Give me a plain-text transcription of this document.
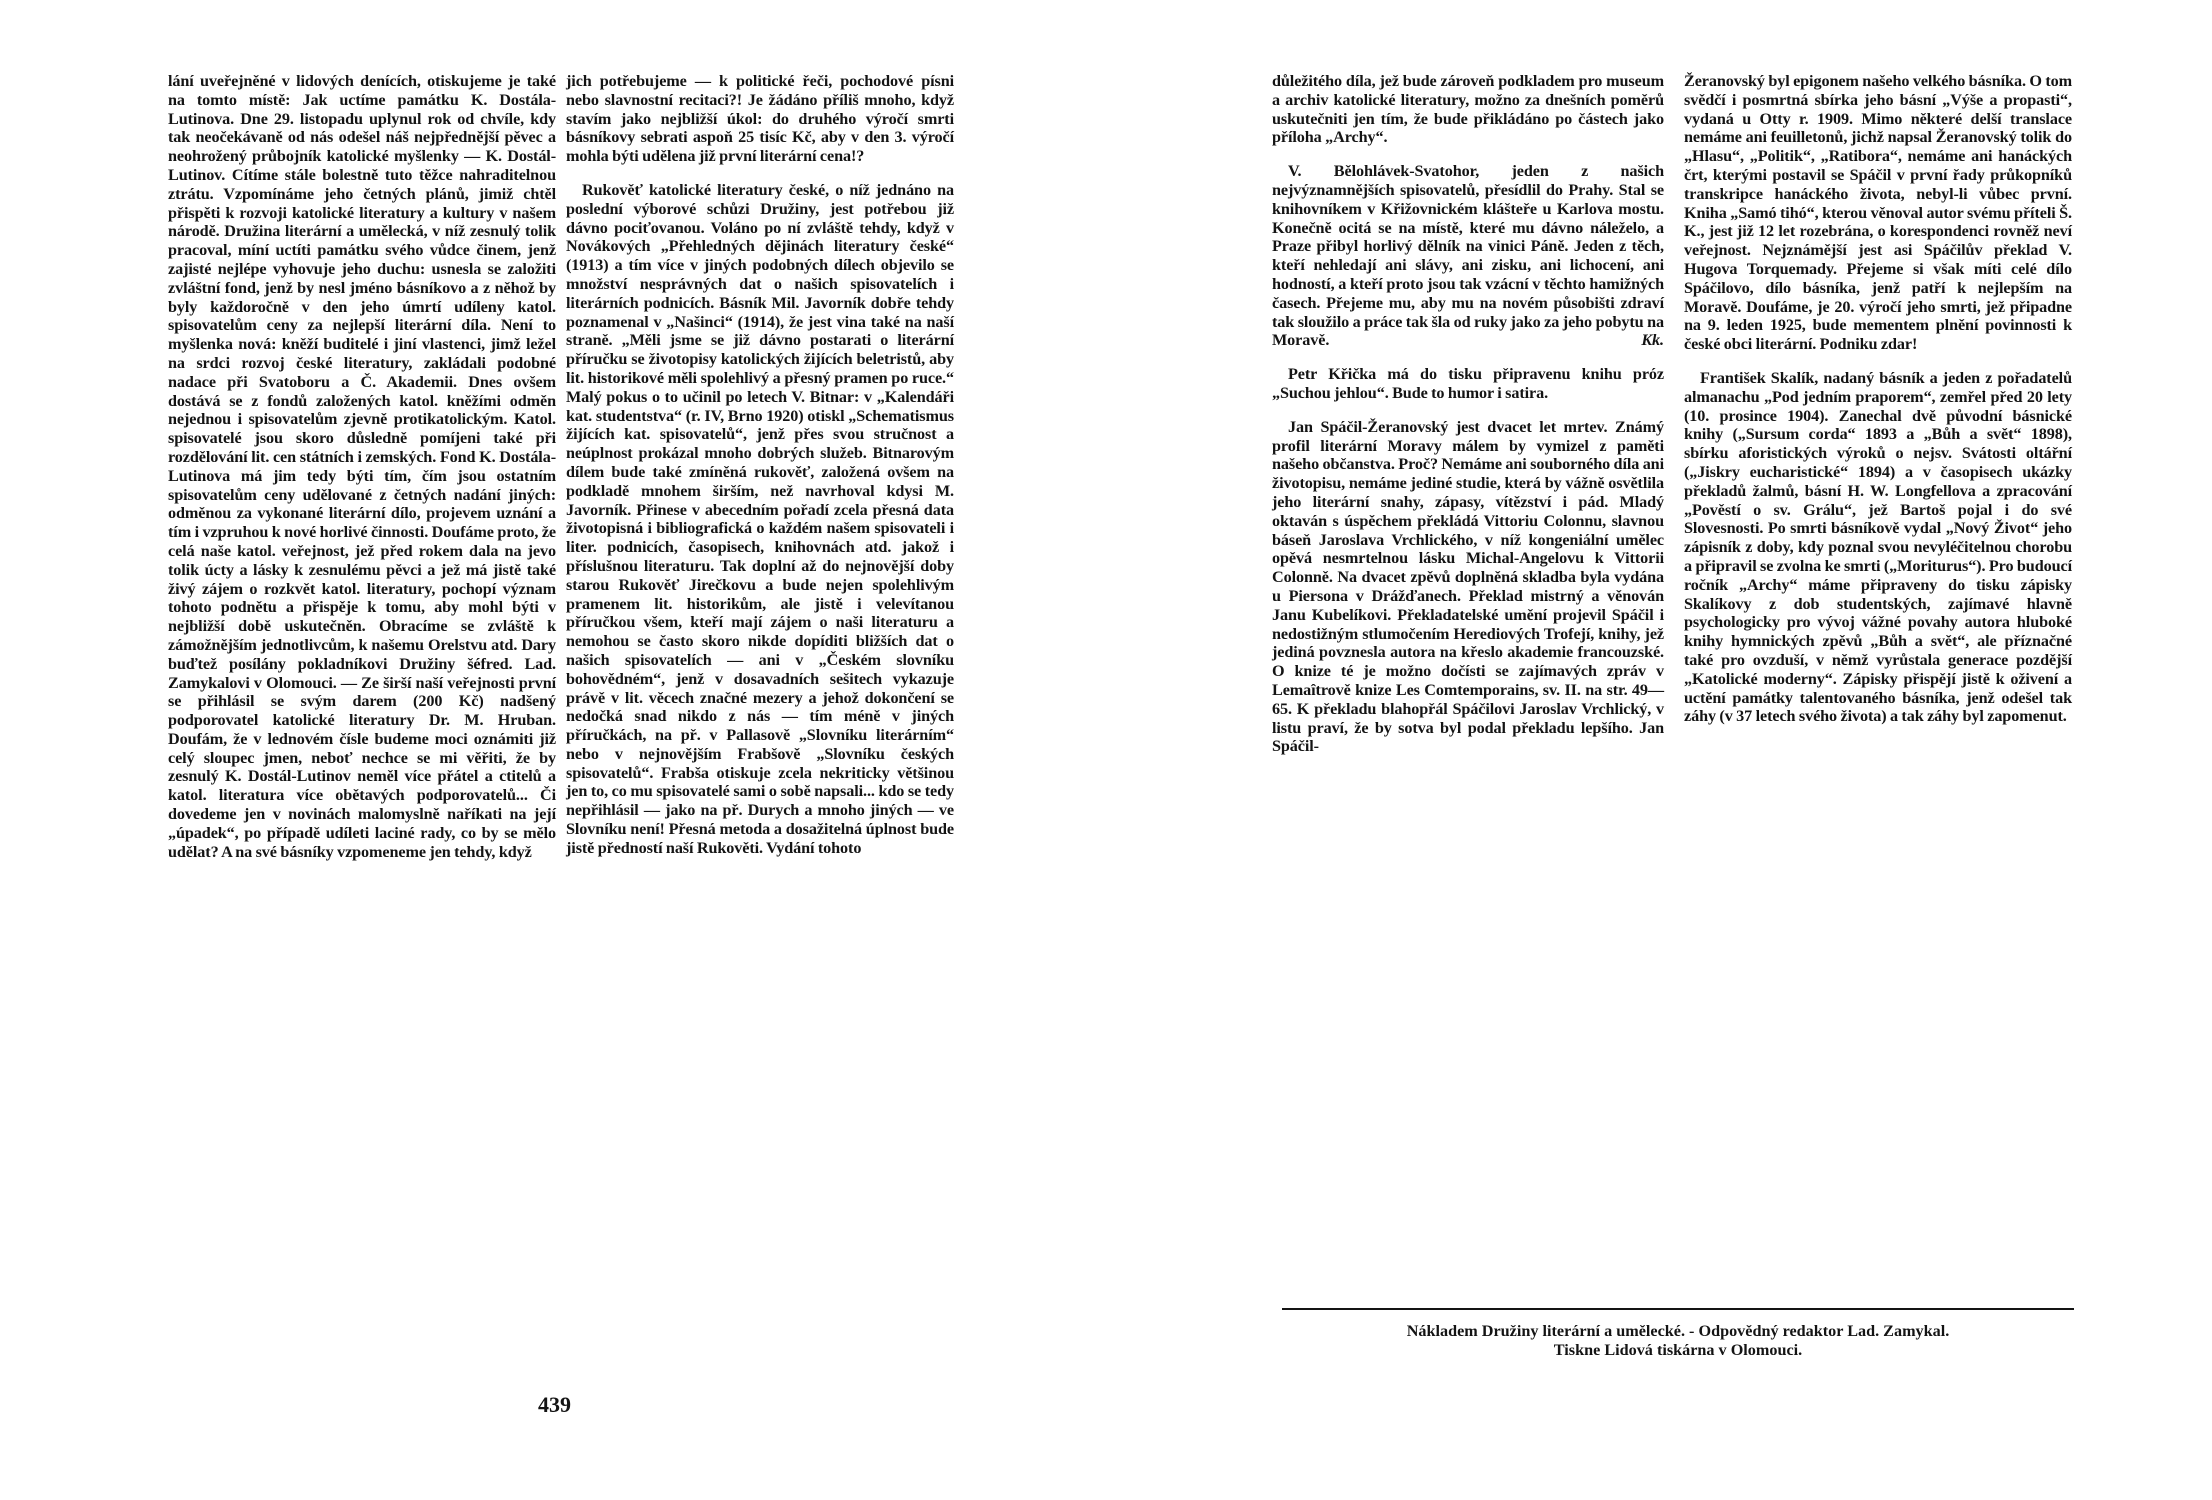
lání uveřejněné v lidových denících, otiskujeme je také na tomto místě: Jak uctíme památku K. Dostála-Lutinova. Dne 29. listopadu uplynul rok od chvíle, kdy tak neočekávaně od nás odešel náš nejpřednější pěvec a neohrožený průbojník katolické myšlenky — K. Dostál-Lutinov. Cítíme stále bolestně tuto těžce nahraditelnou ztrátu. Vzpomínáme jeho četných plánů, jimiž chtěl přispěti k rozvoji katolické literatury a kultury v našem národě. Družina literární a umělecká, v níž zesnulý tolik pracoval, míní uctíti památku svého vůdce činem, jenž zajisté nejlépe vyhovuje jeho duchu: usnesla se založiti zvláštní fond, jenž by nesl jméno básníkovo a z něhož by byly každoročně v den jeho úmrtí udíleny katol. spisovatelům ceny za nejlepší literární díla. Není to myšlenka nová: kněží buditelé i jiní vlastenci, jimž ležel na srdci rozvoj české literatury, zakládali podobné nadace při Svatoboru a Č. Akademii. Dnes ovšem dostává se z fondů založených katol. kněžími odměn nejednou i spisovatelům zjevně protikatolickým. Katol. spisovatelé jsou skoro důsledně pomíjeni také při rozdělování lit. cen státních i zemských. Fond K. Dostála-Lutinova má jim tedy býti tím, čím jsou ostatním spisovatelům ceny udělované z četných nadání jiných: odměnou za vykonané literární dílo, projevem uznání a tím i vzpruhou k nové horlivé činnosti. Doufáme proto, že celá naše katol. veřejnost, jež před rokem dala na jevo tolik úcty a lásky k zesnulému pěvci a jež má jistě také živý zájem o rozkvět katol. literatury, pochopí význam tohoto podnětu a přispěje k tomu, aby mohl býti v nejbližší době uskutečněn. Obracíme se zvláště k zámožnějším jednotlivcům, k našemu Orelstvu atd. Dary buďtež posílány pokladníkovi Družiny šéfred. Lad. Zamykalovi v Olomouci. — Ze širší naší veřejnosti první se přihlásil se svým darem (200 Kč) nadšený podporovatel katolické literatury Dr. M. Hruban. Doufám, že v lednovém čísle budeme moci oznámiti již celý sloupec jmen, neboť nechce se mi věřiti, že by zesnulý K. Dostál-Lutinov neměl více přátel a ctitelů a katol. literatura více obětavých podporovatelů... Či dovedeme jen v novinách malomyslně naříkati na její „úpadek“, po případě udíleti laciné rady, co by se mělo udělat? A na své básníky vzpomeneme jen tehdy, když

jich potřebujeme — k politické řeči, pochodové písni nebo slavnostní recitaci?! Je žádáno příliš mnoho, když stavím jako nejbližší úkol: do druhého výročí smrti básníkovy sebrati aspoň 25 tisíc Kč, aby v den 3. výročí mohla býti udělena již první literární cena!?

Rukověť katolické literatury české, o níž jednáno na poslední výborové schůzi Družiny, jest potřebou již dávno pociťovanou. Voláno po ní zvláště tehdy, když v Novákových „Přehledných dějinách literatury české“ (1913) a tím více v jiných podobných dílech objevilo se množství nesprávných dat o našich spisovatelích i literárních podnicích. Básník Mil. Javorník dobře tehdy poznamenal v „Našinci“ (1914), že jest vina také na naší straně. „Měli jsme se již dávno postarati o literární příručku se životopisy katolických žijících beletristů, aby lit. historikové měli spolehlivý a přesný pramen po ruce.“ Malý pokus o to učinil po letech V. Bitnar: v „Kalendáři kat. studentstva“ (r. IV, Brno 1920) otiskl „Schematismus žijících kat. spisovatelů“, jenž přes svou stručnost a neúplnost prokázal mnoho dobrých služeb. Bitnarovým dílem bude také zmíněná rukověť, založená ovšem na podkladě mnohem širším, než navrhoval kdysi M. Javorník. Přinese v abecedním pořadí zcela přesná data životopisná i bibliografická o každém našem spisovateli i liter. podnicích, časopisech, knihovnách atd. jakož i příslušnou literaturu. Tak doplní až do nejnovější doby starou Rukověť Jirečkovu a bude nejen spolehlivým pramenem lit. historikům, ale jistě i velevítanou příručkou všem, kteří mají zájem o naši literaturu a nemohou se často skoro nikde dopíditi bližších dat o našich spisovatelích — ani v „Českém slovníku bohovědném“, jenž v dosavadních sešitech vykazuje právě v lit. věcech značné mezery a jehož dokončení se nedočká snad nikdo z nás — tím méně v jiných příručkách, na př. v Pallasově „Slovníku literárním“ nebo v nejnovějším Frabšově „Slovníku českých spisovatelů“. Frabša otiskuje zcela nekriticky většinou jen to, co mu spisovatelé sami o sobě napsali... kdo se tedy nepřihlásil — jako na př. Durych a mnoho jiných — ve Slovníku není! Přesná metoda a dosažitelná úplnost bude jistě předností naší Rukověti. Vydání tohoto

439

důležitého díla, jež bude zároveň podkladem pro museum a archiv katolické literatury, možno za dnešních poměrů uskutečniti jen tím, že bude přikládáno po částech jako příloha „Archy“.

V. Bělohlávek-Svatohor, jeden z našich nejvýznamnějších spisovatelů, přesídlil do Prahy. Stal se knihovníkem v Křižovnickém klášteře u Karlova mostu. Konečně ocitá se na místě, které mu dávno náleželo, a Praze přibyl horlivý dělník na vinici Páně. Jeden z těch, kteří nehledají ani slávy, ani zisku, ani lichocení, ani hodností, a kteří proto jsou tak vzácní v těchto hamižných časech. Přejeme mu, aby mu na novém působišti zdraví tak sloužilo a práce tak šla od ruky jako za jeho pobytu na Moravě.	Kk.

Petr Křička má do tisku připravenu knihu próz „Suchou jehlou“. Bude to humor i satira.

Jan Spáčil-Žeranovský jest dvacet let mrtev. Známý profil literární Moravy málem by vymizel z paměti našeho občanstva. Proč? Nemáme ani souborného díla ani životopisu, nemáme jediné studie, která by vážně osvětlila jeho literární snahy, zápasy, vítězství i pád. Mladý oktaván s úspěchem překládá Vittoriu Colonnu, slavnou báseň Jaroslava Vrchlického, v níž kongeniální umělec opěvá nesmrtelnou lásku Michal-Angelovu k Vittorii Colonně. Na dvacet zpěvů doplněná skladba byla vydána u Piersona v Drážďanech. Překlad mistrný a věnován Janu Kubelíkovi. Překladatelské umění projevil Spáčil i nedostižným stlumočením Herediových Trofejí, knihy, jež jediná povznesla autora na křeslo akademie francouzské. O knize té je možno dočísti se zajímavých zpráv v Lemaîtrově knize Les Comtemporains, sv. II. na str. 49—65. K překladu blahopřál Spáčilovi Jaroslav Vrchlický, v listu praví, že by sotva byl podal překladu lepšího. Jan Spáčil-

Žeranovský byl epigonem našeho velkého básníka. O tom svědčí i posmrtná sbírka jeho básní „Výše a propasti“, vydaná u Otty r. 1909. Mimo některé delší translace nemáme ani feuilletonů, jichž napsal Žeranovský tolik do „Hlasu“, „Politik“, „Ratibora“, nemáme ani hanáckých črt, kterými postavil se Spáčil v první řady průkopníků transkripce hanáckého života, nebyl-li vůbec první. Kniha „Samó tihó“, kterou věnoval autor svému příteli Š. K., jest již 12 let rozebrána, o korespondenci rovněž neví veřejnost. Nejznámější jest asi Spáčilův překlad V. Hugova Torquemady. Přejeme si však míti celé dílo Spáčilovo, dílo básníka, jenž patří k nejlepším na Moravě. Doufáme, je 20. výročí jeho smrti, jež připadne na 9. leden 1925, bude mementem plnění povinnosti k české obci literární. Podniku zdar!

František Skalík, nadaný básník a jeden z pořadatelů almanachu „Pod jedním praporem“, zemřel před 20 lety (10. prosince 1904). Zanechal dvě původní básnické knihy („Sursum corda“ 1893 a „Bůh a svět“ 1898), sbírku aforistických výroků o nejsv. Svátosti oltářní („Jiskry eucharistické“ 1894) a v časopisech ukázky překladů žalmů, básní H. W. Longfellova a zpracování „Pověstí o sv. Grálu“, jež Bartoš pojal i do své Slovesnosti. Po smrti básníkově vydal „Nový Život“ jeho zápisník z doby, kdy poznal svou nevyléčitelnou chorobu a připravil se zvolna ke smrti („Moriturus“). Pro budoucí ročník „Archy“ máme připraveny do tisku zápisky Skalíkovy z dob studentských, zajímavé hlavně psychologicky pro vývoj vážné povahy autora hluboké knihy hymnických zpěvů „Bůh a svět“, ale příznačné také pro ovzduší, v němž vyrůstala generace pozdější „Katolické moderny“. Zápisky přispějí jistě k oživení a uctění památky talentovaného básníka, jenž odešel tak záhy (v 37 letech svého života) a tak záhy byl zapomenut.

Nákladem Družiny literární a umělecké. - Odpovědný redaktor Lad. Zamykal.
Tiskne Lidová tiskárna v Olomouci.
